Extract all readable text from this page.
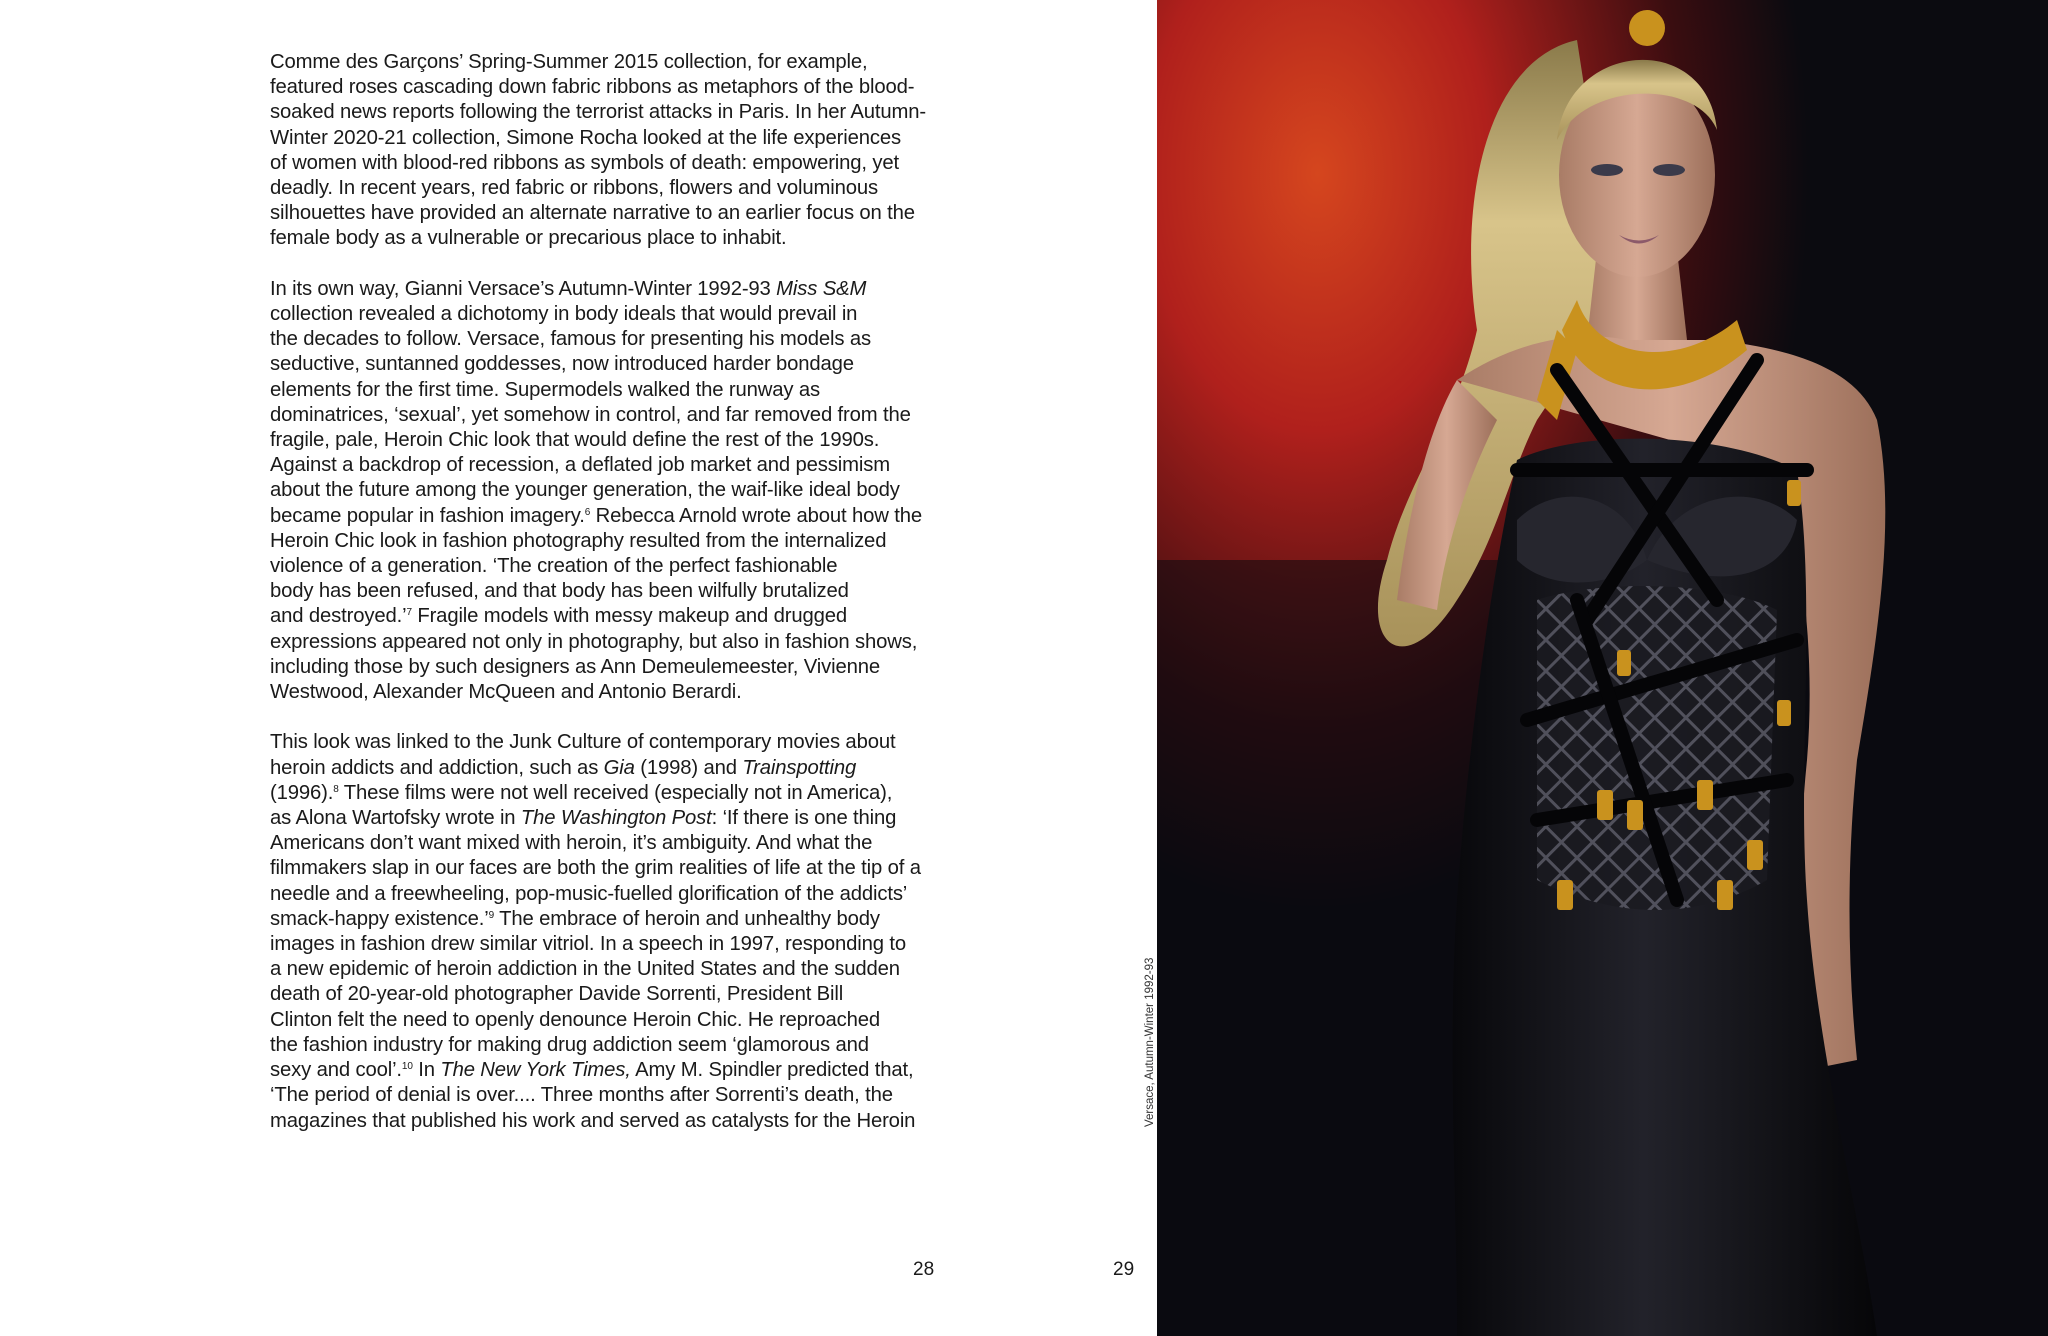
Comme des Garçons’ Spring-Summer 2015 collection, for example,
featured roses cascading down fabric ribbons as metaphors of the blood-
soaked news reports following the terrorist attacks in Paris. In her Autumn-
Winter 2020-21 collection, Simone Rocha looked at the life experiences
of women with blood-red ribbons as symbols of death: empowering, yet
deadly. In recent years, red fabric or ribbons, flowers and voluminous
silhouettes have provided an alternate narrative to an earlier focus on the
female body as a vulnerable or precarious place to inhabit.

In its own way, Gianni Versace’s Autumn-Winter 1992-93 Miss S&M
collection revealed a dichotomy in body ideals that would prevail in
the decades to follow. Versace, famous for presenting his models as
seductive, suntanned goddesses, now introduced harder bondage
elements for the first time. Supermodels walked the runway as
dominatrices, ‘sexual’, yet somehow in control, and far removed from the
fragile, pale, Heroin Chic look that would define the rest of the 1990s.
Against a backdrop of recession, a deflated job market and pessimism
about the future among the younger generation, the waif-like ideal body
became popular in fashion imagery.$^6$ Rebecca Arnold wrote about how the
Heroin Chic look in fashion photography resulted from the internalized
violence of a generation. ‘The creation of the perfect fashionable
body has been refused, and that body has been wilfully brutalized
and destroyed.’$^7$ Fragile models with messy makeup and drugged
expressions appeared not only in photography, but also in fashion shows,
including those by such designers as Ann Demeulemeester, Vivienne
Westwood, Alexander McQueen and Antonio Berardi.

This look was linked to the Junk Culture of contemporary movies about
heroin addicts and addiction, such as Gia (1998) and Trainspotting
(1996).$^8$ These films were not well received (especially not in America),
as Alona Wartofsky wrote in The Washington Post: ‘If there is one thing
Americans don’t want mixed with heroin, it’s ambiguity. And what the
filmmakers slap in our faces are both the grim realities of life at the tip of a
needle and a freewheeling, pop-music-fuelled glorification of the addicts’
smack-happy existence.’$^9$ The embrace of heroin and unhealthy body
images in fashion drew similar vitriol. In a speech in 1997, responding to
a new epidemic of heroin addiction in the United States and the sudden
death of 20-year-old photographer Davide Sorrenti, President Bill
Clinton felt the need to openly denounce Heroin Chic. He reproached
the fashion industry for making drug addiction seem ‘glamorous and
sexy and cool’.$^{10}$ In The New York Times, Amy M. Spindler predicted that,
‘The period of denial is over.... Three months after Sorrenti’s death, the
magazines that published his work and served as catalysts for the Heroin

28	29
Versace, Autumn-Winter 1992-93
